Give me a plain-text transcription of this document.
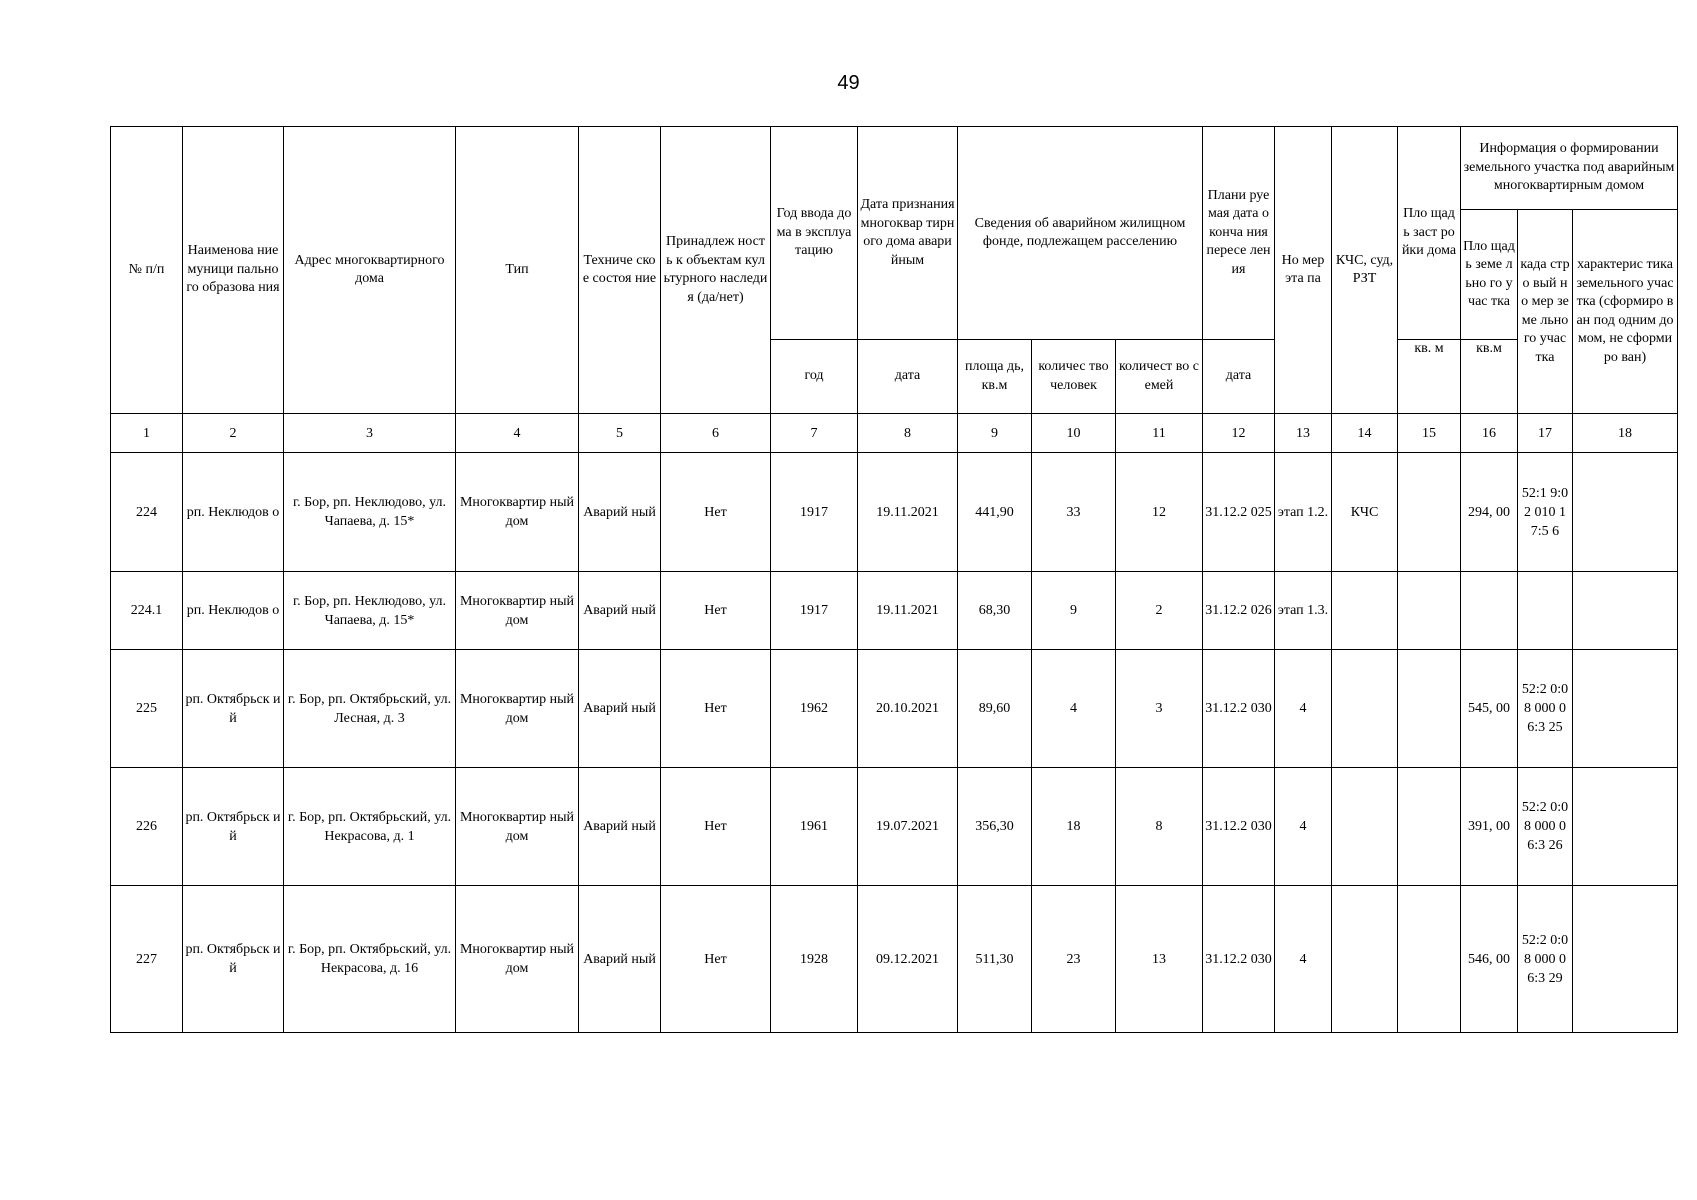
49
№ п/п	Наименова ние муници пального образова ния	Адрес многоквартирного дома	Тип	Техниче ское состоя ние	Принадлеж ность к объектам культурного наследия (да/нет)	Год ввода дома в эксплуа тацию	Дата признания многоквар тирного дома аварийным	Сведения об аварийном жилищном фонде, подлежащем расселению			Плани руемая дата оконча ния пересе ления	Но мер эта па	КЧС, суд, РЗТ	Пло щадь заст ройки дома	Информация о формировании земельного участка под аварийным многоквартирным домом		
															Пло щадь земе льно го учас тка	када стро вый но мер земе льно го учас тка	характерис тика земельного участка (сформиро ван под одним домом, не сформиро ван)
						год	дата	площа дь, кв.м	количес тво человек	количест во семей	дата			кв. м	кв.м		
1	2	3	4	5	6	7	8	9	10	11	12	13	14	15	16	17	18
224	рп. Неклюдов о	г. Бор, рп. Неклюдово, ул. Чапаева, д. 15*	Многоквартир ный дом	Аварий ный	Нет	1917	19.11.2021	441,90	33	12	31.12.2 025	этап 1.2.	КЧС		294, 00	52:1 9:02 010 17:5 6	
224.1	рп. Неклюдов о	г. Бор, рп. Неклюдово, ул. Чапаева, д. 15*	Многоквартир ный дом	Аварий ный	Нет	1917	19.11.2021	68,30	9	2	31.12.2 026	этап 1.3.					
225	рп. Октябрьск ий	г. Бор, рп. Октябрьский, ул. Лесная, д. 3	Многоквартир ный дом	Аварий ный	Нет	1962	20.10.2021	89,60	4	3	31.12.2 030	4			545, 00	52:2 0:08 000 06:3 25	
226	рп. Октябрьск ий	г. Бор, рп. Октябрьский, ул. Некрасова, д. 1	Многоквартир ный дом	Аварий ный	Нет	1961	19.07.2021	356,30	18	8	31.12.2 030	4			391, 00	52:2 0:08 000 06:3 26	
227	рп. Октябрьск ий	г. Бор, рп. Октябрьский, ул. Некрасова, д. 16	Многоквартир ный дом	Аварий ный	Нет	1928	09.12.2021	511,30	23	13	31.12.2 030	4			546, 00	52:2 0:08 000 06:3 29	
